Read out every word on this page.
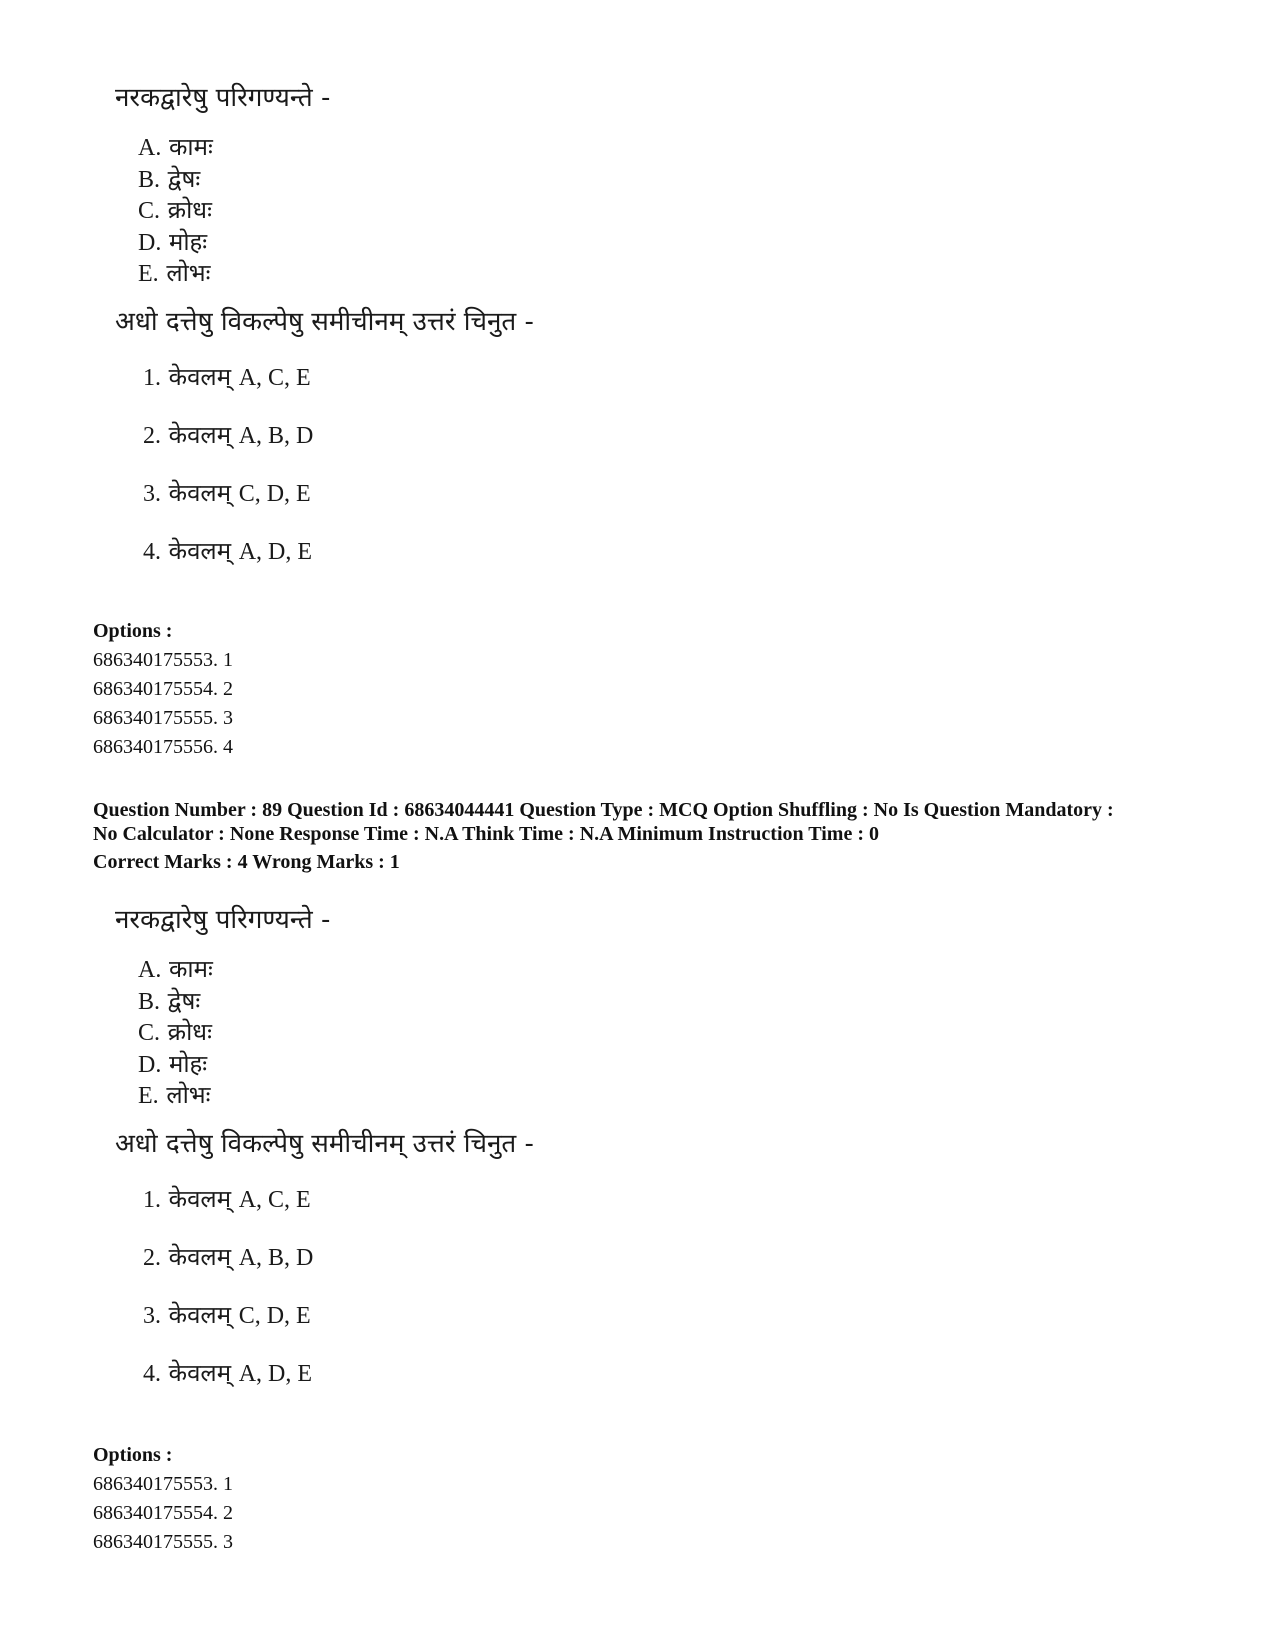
नरकद्वारेषु परिगण्यन्ते -
A. कामः
B. द्वेषः
C. क्रोधः
D. मोहः
E. लोभः
अधो दत्तेषु विकल्पेषु समीचीनम् उत्तरं चिनुत -
1. केवलम् A, C, E
2. केवलम् A, B, D
3. केवलम् C, D, E
4. केवलम् A, D, E
Options :
686340175553. 1
686340175554. 2
686340175555. 3
686340175556. 4
Question Number : 89 Question Id : 68634044441 Question Type : MCQ Option Shuffling : No Is Question Mandatory :
No Calculator : None Response Time : N.A Think Time : N.A Minimum Instruction Time : 0
Correct Marks : 4 Wrong Marks : 1
नरकद्वारेषु परिगण्यन्ते -
A. कामः
B. द्वेषः
C. क्रोधः
D. मोहः
E. लोभः
अधो दत्तेषु विकल्पेषु समीचीनम् उत्तरं चिनुत -
1. केवलम् A, C, E
2. केवलम् A, B, D
3. केवलम् C, D, E
4. केवलम् A, D, E
Options :
686340175553. 1
686340175554. 2
686340175555. 3
